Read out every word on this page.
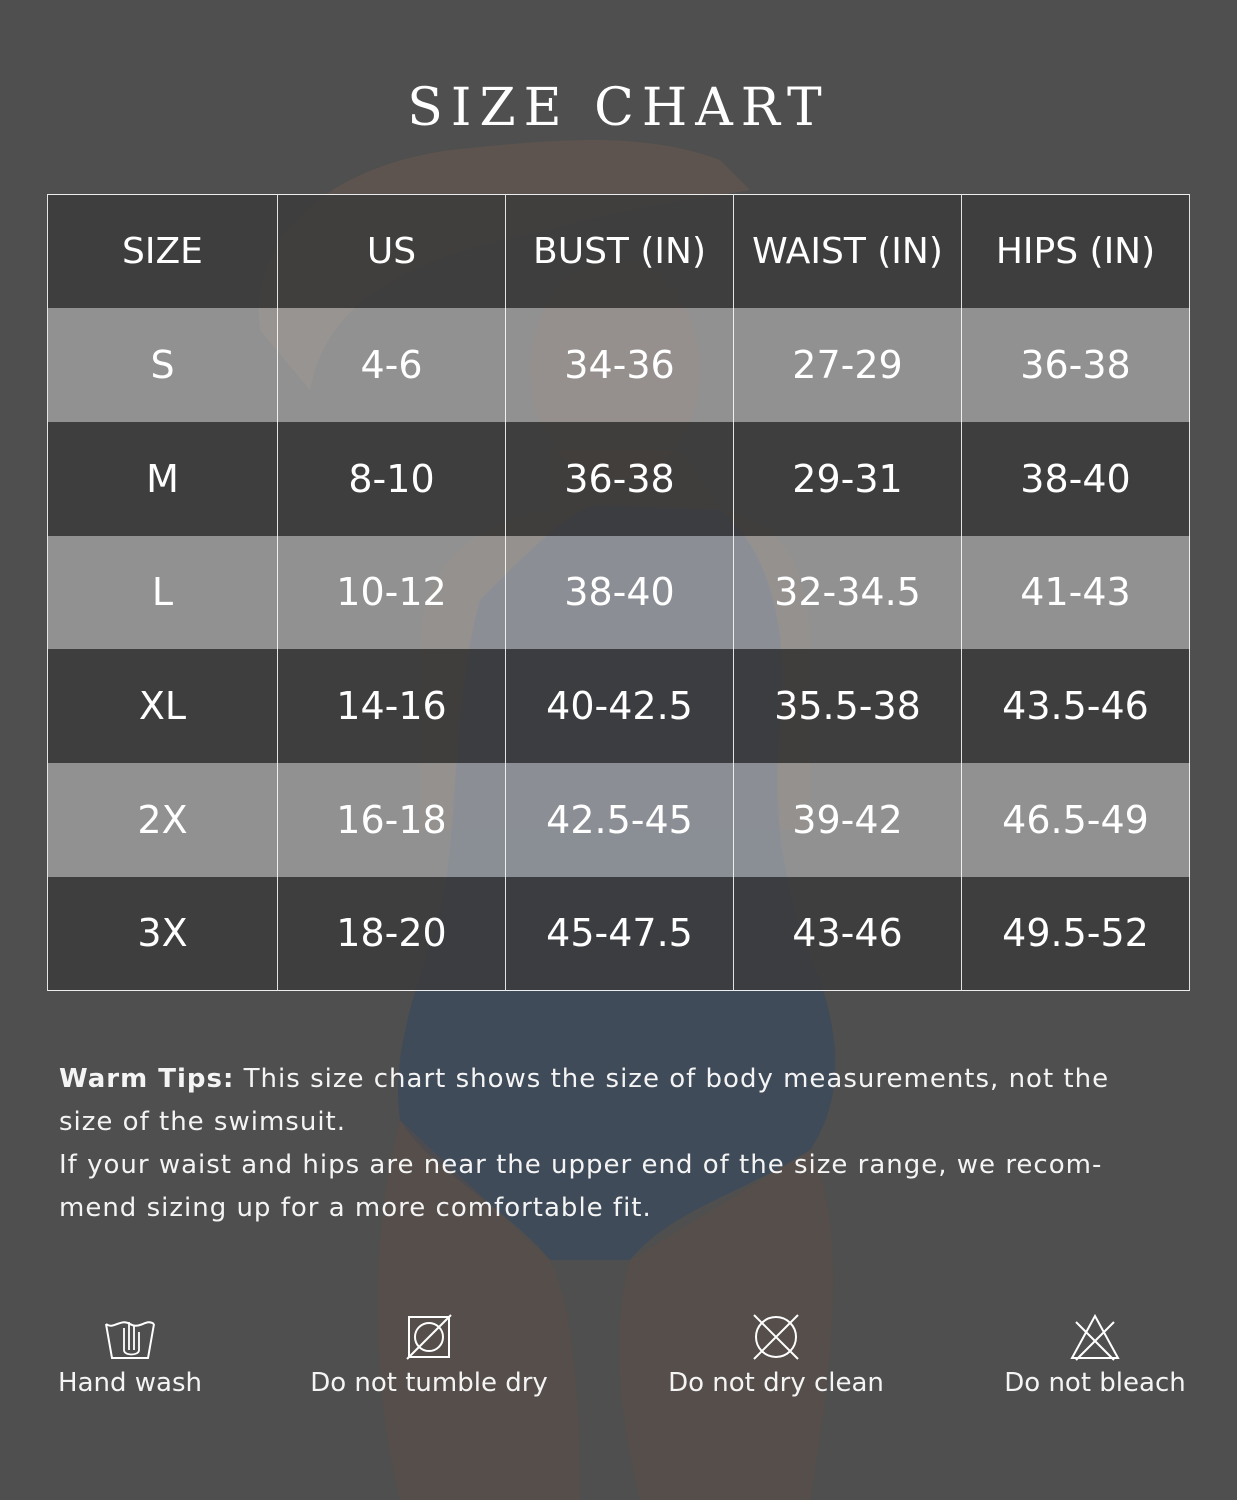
SIZE CHART
SIZE	US	BUST (IN)	WAIST (IN)	HIPS (IN)
S	4-6	34-36	27-29	36-38
M	8-10	36-38	29-31	38-40
L	10-12	38-40	32-34.5	41-43
XL	14-16	40-42.5	35.5-38	43.5-46
2X	16-18	42.5-45	39-42	46.5-49
3X	18-20	45-47.5	43-46	49.5-52

Warm Tips: This size chart shows the size of body measurements, not the size of the swimsuit.

If your waist and hips are near the upper end of the size range, we recom-mend sizing up for a more comfortable fit.

Hand wash	Do not tumble dry	Do not dry clean	Do not bleach
